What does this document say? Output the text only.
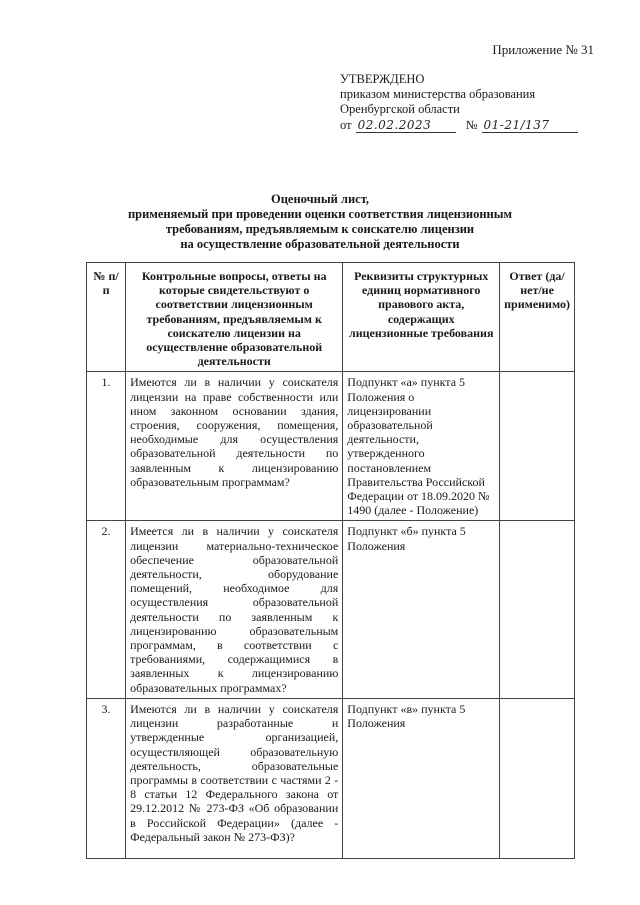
Приложение № 31
УТВЕРЖДЕНО
приказом министерства образования
Оренбургской области
от 02.02.2023	№ 01-21/137
Оценочный лист,
применяемый при проведении оценки соответствия лицензионным
требованиям, предъявляемым к соискателю лицензии
на осуществление образовательной деятельности
№ п/п	Контрольные вопросы, ответы на которые свидетельствуют о соответствии лицензионным требованиям, предъявляемым к соискателю лицензии на осуществление образовательной деятельности	Реквизиты структурных единиц нормативного правового акта, содержащих лицензионные требования	Ответ (да/нет/не применимо)
1.	Имеются ли в наличии у соискателя лицензии на праве собственности или ином законном основании здания, строения, сооружения, помещения, необходимые для осуществления образовательной деятельности по заявленным к лицензированию образовательным программам?	Подпункт «а» пункта 5 Положения о лицензировании образовательной деятельности, утвержденного постановлением Правительства Российской Федерации от 18.09.2020 № 1490 (далее - Положение)	
2.	Имеется ли в наличии у соискателя лицензии материально-техническое обеспечение образовательной деятельности, оборудование помещений, необходимое для осуществления образовательной деятельности по заявленным к лицензированию образовательным программам, в соответствии с требованиями, содержащимися в заявленных к лицензированию образовательных программах?	Подпункт «б» пункта 5 Положения	
3.	Имеются ли в наличии у соискателя лицензии разработанные и утвержденные организацией, осуществляющей образовательную деятельность, образовательные программы в соответствии с частями 2 - 8 статьи 12 Федерального закона от 29.12.2012 № 273-ФЗ «Об образовании в Российской Федерации» (далее - Федеральный закон № 273-ФЗ)?	Подпункт «в» пункта 5 Положения	
